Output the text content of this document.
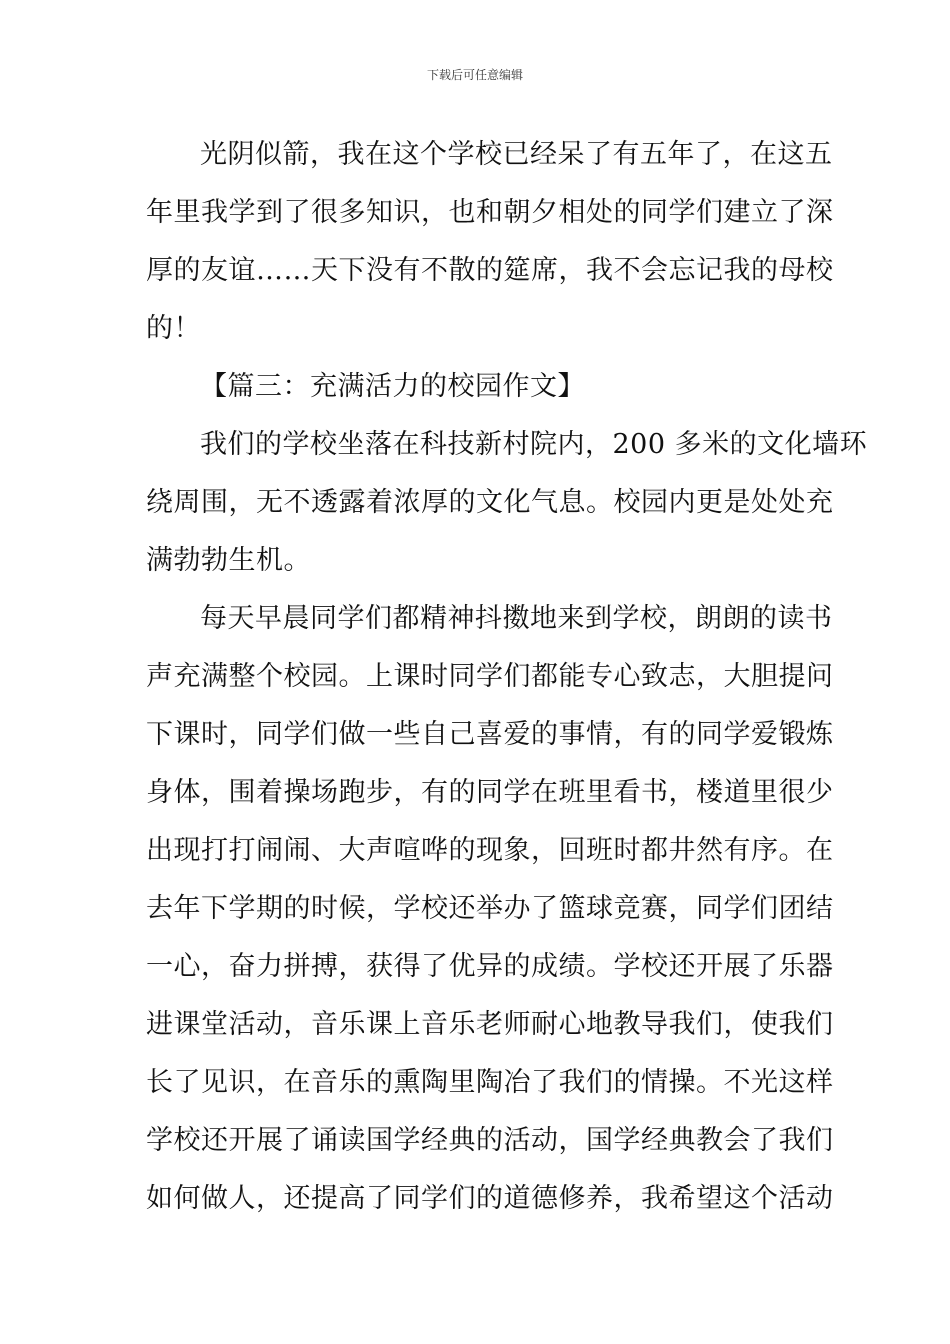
下载后可任意编辑
光阴似箭，我在这个学校已经呆了有五年了，在这五
年里我学到了很多知识，也和朝夕相处的同学们建立了深
厚的友谊……天下没有不散的筵席，我不会忘记我的母校
的！
【篇三：充满活力的校园作文】
我们的学校坐落在科技新村院内，200 多米的文化墙环
绕周围，无不透露着浓厚的文化气息。校园内更是处处充
满勃勃生机。
每天早晨同学们都精神抖擞地来到学校，朗朗的读书
声充满整个校园。上课时同学们都能专心致志，大胆提问
下课时，同学们做一些自己喜爱的事情，有的同学爱锻炼
身体，围着操场跑步，有的同学在班里看书，楼道里很少
出现打打闹闹、大声喧哗的现象，回班时都井然有序。在
去年下学期的时候，学校还举办了篮球竞赛，同学们团结
一心，奋力拼搏，获得了优异的成绩。学校还开展了乐器
进课堂活动，音乐课上音乐老师耐心地教导我们，使我们
长了见识，在音乐的熏陶里陶冶了我们的情操。不光这样
学校还开展了诵读国学经典的活动，国学经典教会了我们
如何做人，还提高了同学们的道德修养，我希望这个活动
